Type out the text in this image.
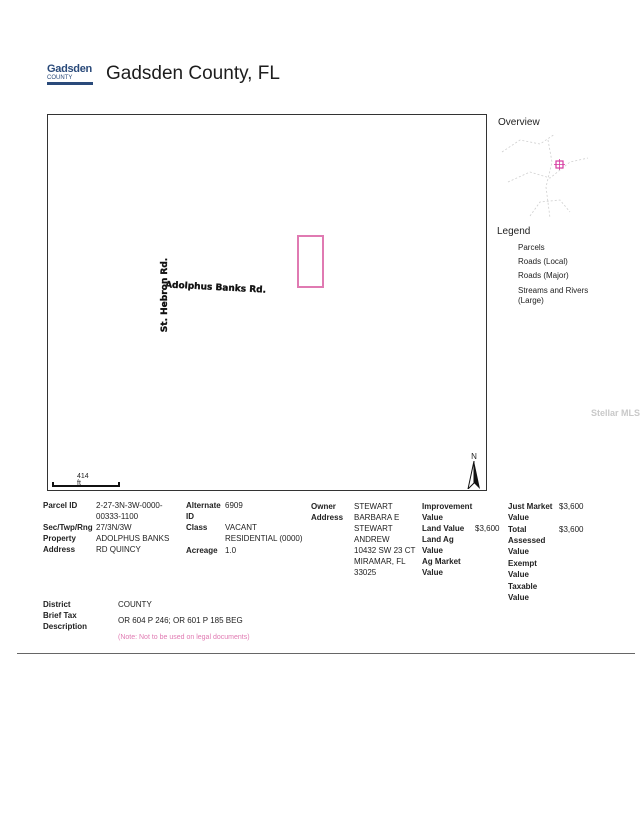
Gadsden
COUNTY	Gadsden County, FL
Adolphus Banks Rd.
St. Hebron Rd.
414 ft
N
Overview
Legend
Parcels
Roads (Local)
Roads (Major)
Streams and Rivers (Large)
Stellar MLS
Parcel ID 2-27-3N-3W-0000-00333-1100
Sec/Twp/Rng 27/3N/3W
Property Address
ADOLPHUS BANKS RD QUINCY
Alternate ID
6909
Class VACANT RESIDENTIAL (0000)
Acreage 1.0
Owner Address
STEWART
BARBARA E
STEWART
ANDREW
10432 SW 23 CT
MIRAMAR, FL
33025
Improvement Value
Land Value $3,600
Land Ag Value
Ag Market Value
Just Market Value
$3,600
Total Assessed Value
$3,600
Exempt Value
Taxable Value
District	COUNTY
Brief Tax Description
OR 604 P 246; OR 601 P 185 BEG
(Note: Not to be used on legal documents)
